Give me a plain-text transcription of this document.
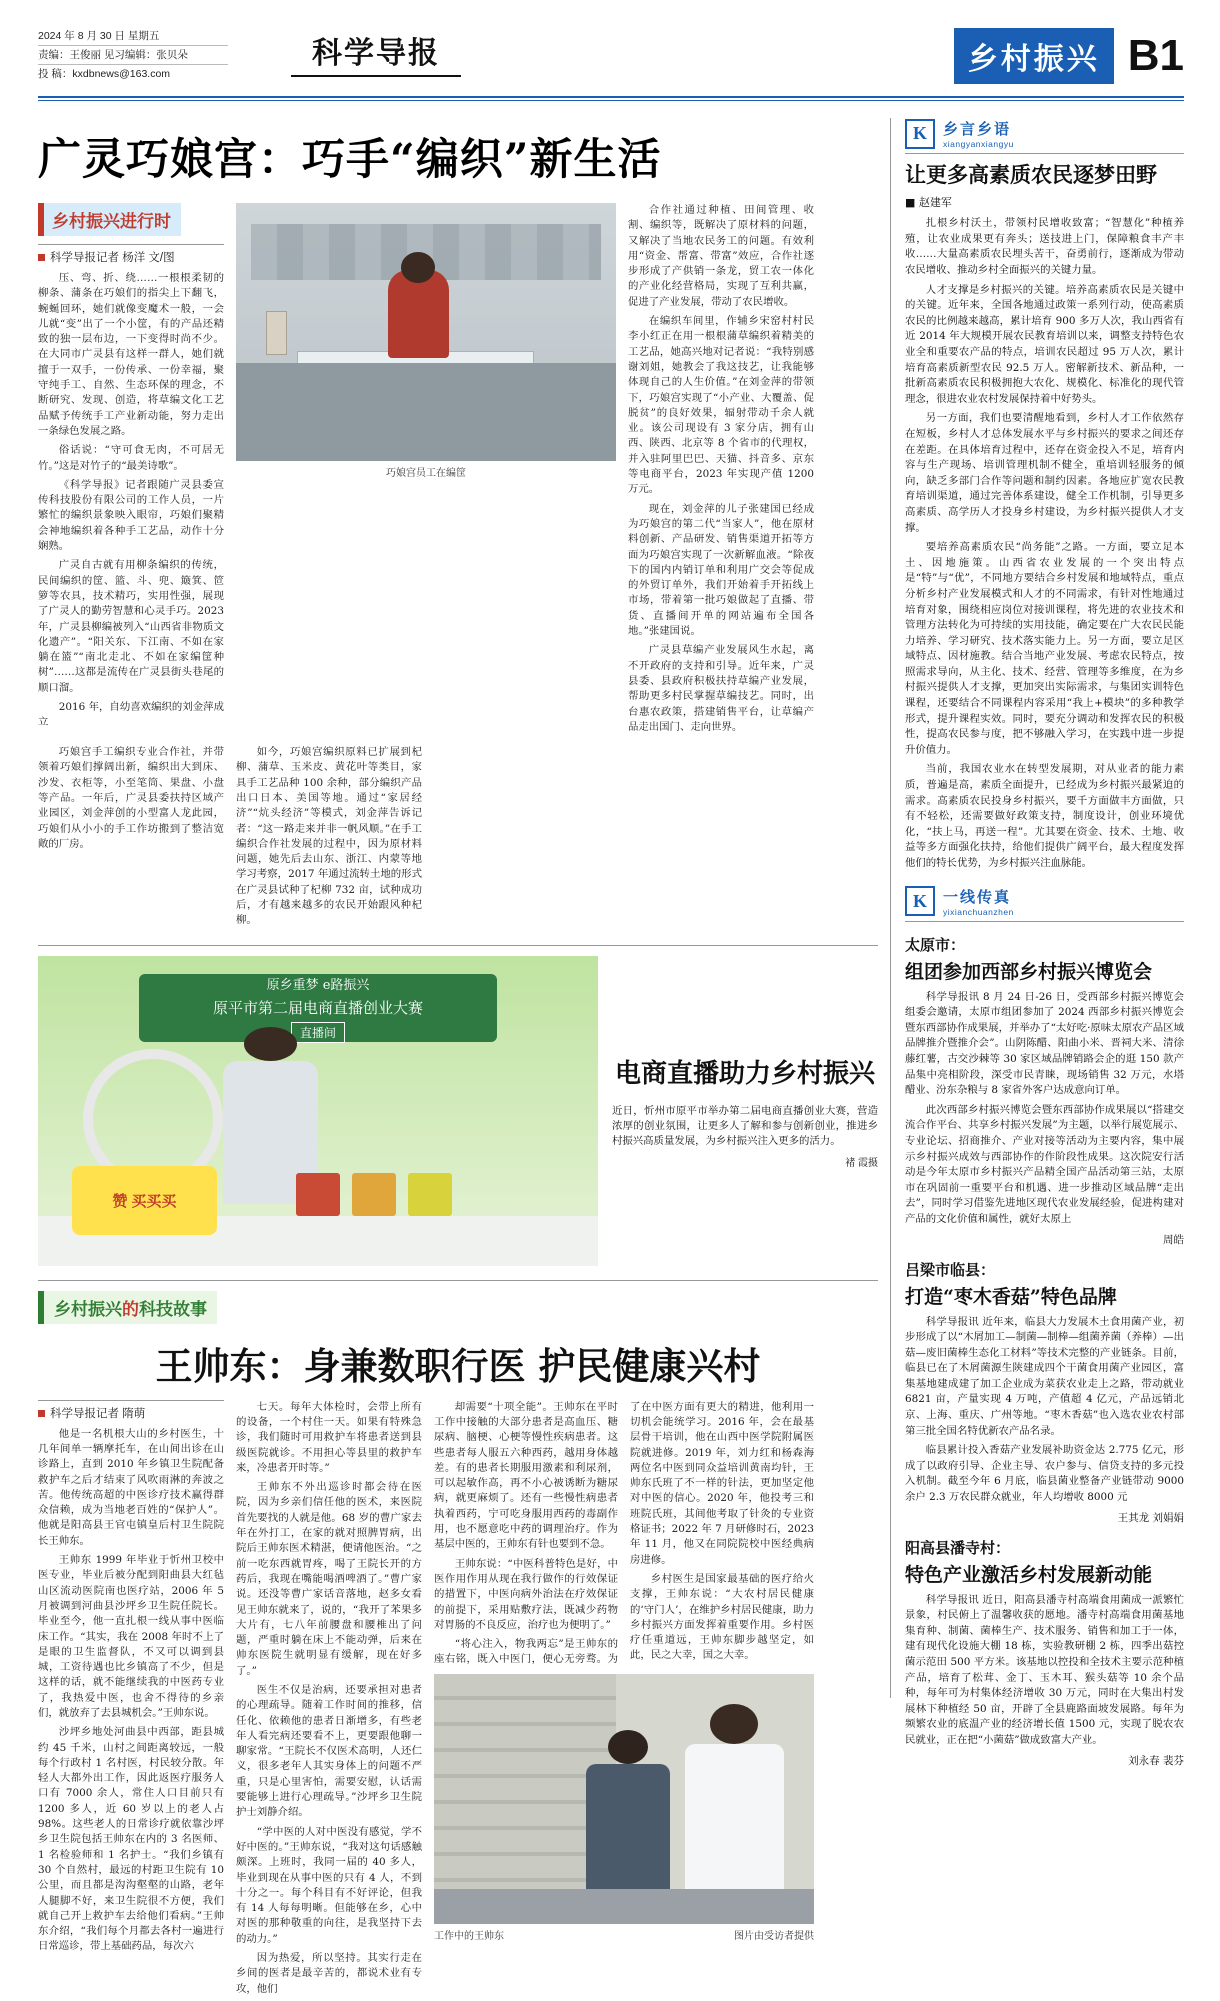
2024 年 8 月 30 日 星期五
责编：王俊丽 见习编辑：张贝朵
投 稿：kxdbnews@163.com
科学导报	乡村振兴 B1
广灵巧娘宫：巧手“编织”新生活
乡村振兴进行时
科学导报记者 杨洋 文/图

压、弯、折、绕……一根根柔韧的柳条、蒲条在巧娘们的指尖上下翻飞，蜿蜒回环，她们就像变魔术一般，一会儿就“变”出了一个小筐，有的产品还精致的独一层布边，一下变得时尚不少。在大同市广灵县有这样一群人，她们就擅于一双手，一份传承、一份幸福，聚守纯手工、自然、生态环保的理念，不断研究、发现、创造，将草编文化工艺品赋予传统手工产业新动能，努力走出一条绿色发展之路。

俗话说：“守可食无肉，不可居无竹。”这是对竹子的“最美诗歌”。

《科学导报》记者跟随广灵县委宣传科技股份有限公司的工作人员，一片繁忙的编织景象映入眼帘，巧娘们聚精会神地编织着各种手工艺品，动作十分娴熟。

广灵自古就有用柳条编织的传统，民间编织的筐、篮、斗、兜、簸箕、笸箩等农具，技术精巧，实用性强，展现了广灵人的勤劳智慧和心灵手巧。2023 年，广灵县柳编被列入“山西省非物质文化遗产”。“阳关东、下江南、不如在家躺在篮”“南北走北、不如在家编筐种树”……这都是流传在广灵县街头巷尾的顺口溜。

2016 年，自幼喜欢编织的刘金萍成立

巧娘宫员工在编筐

合作社通过种植、田间管理、收割、编织等，既解决了原材料的问题，又解决了当地农民务工的问题。有效利用“资金、帮富、带富”效应，合作社逐步形成了产供销一条龙，贸工农一体化的产业化经营格局，实现了互利共赢，促进了产业发展，带动了农民增收。

在编织车间里，作辅乡宋窑村村民李小红正在用一根根蒲草编织着精美的工艺品，她高兴地对记者说：“我特别感谢刘姐，她教会了我这技艺，让我能够体现自己的人生价值。”在刘金萍的带领下，巧娘宫实现了“小产业、大覆盖、促脱贫”的良好效果，辐射带动千余人就业。该公司现设有 3 家分店，拥有山西、陕西、北京等 8 个省市的代理权，并入驻阿里巴巴、天猫、抖音多、京东等电商平台，2023 年实现产值 1200 万元。

现在，刘金萍的儿子张建国已经成为巧娘宫的第二代“当家人”，他在原材料创新、产品研发、销售渠道开拓等方面为巧娘宫实现了一次新解血液。“除夜下的国内内销订单和利用广交会等促成的外贸订单外，我们开始着手开拓线上市场，带着第一批巧娘做起了直播、带货、直播间开单的网站遍布全国各地。”张建国说。

广灵县草编产业发展风生水起，离不开政府的支持和引导。近年来，广灵县委、县政府积极扶持草编产业发展，帮助更多村民掌握草编技艺。同时，出台惠农政策，搭建销售平台，让草编产品走出国门、走向世界。

巧娘宫手工编织专业合作社，并带领着巧娘们撑阔出新，编织出大到床、沙发、衣柜等，小至笔筒、果盘、小盘等产品。一年后，广灵县委扶持区域产业园区，刘金萍创的小型富人龙此园，巧娘们从小小的手工作坊搬到了整洁宽敞的厂房。

如今，巧娘宫编织原料已扩展到杞柳、蒲草、玉米皮、黄花叶等类目，家具手工艺品种 100 余种，部分编织产品出口日本、美国等地。通过“家居经济”“炕头经济”等模式，刘金萍告诉记者：“这一路走来并非一帆风顺。”在手工编织合作社发展的过程中，因为原材料问题，她先后去山东、浙江、内蒙等地学习考察，2017 年通过流转土地的形式在广灵县试种了杞柳 732 亩，试种成功后，才有越来越多的农民开始跟风种杞柳。

原乡重梦 e路振兴
原平市第二届电商直播创业大赛
直播间
赞 买买买
电商直播助力乡村振兴
近日，忻州市原平市举办第二届电商直播创业大赛，营造浓厚的创业氛围，让更多人了解和参与创新创业，推进乡村振兴高质量发展，为乡村振兴注入更多的活力。
褚 霞摄
乡村振兴的科技故事
王帅东：身兼数职行医 护民健康兴村
科学导报记者 隋萌

他是一名机根大山的乡村医生，十几年间单一辆摩托车，在山间出诊在山诊路上，直到 2010 年乡镇卫生院配备救护车之后才结束了风吹雨淋的奔波之苦。他传统高超的中医诊疗技术赢得群众信赖，成为当地老百姓的“保护人”。他就是阳高县王官屯镇皇后村卫生院院长王帅东。

王帅东 1999 年毕业于忻州卫校中医专业，毕业后被分配到阳曲县大红毡山区流动医院南也医疗站，2006 年 5 月被调到河曲县沙坪乡卫生院任院长。毕业至今，他一直扎根一线从事中医临床工作。“其实，我在 2008 年时不上了是眼的卫生监督队，不又可以调到县城，工资待遇也比乡镇高了不少，但是这样的话，就不能继续我的中医药专业了，我热爱中医，也舍不得待的乡亲们，就放弃了去县城机会。”王帅东说。

沙坪乡地处河曲县中西部，距县城约 45 千米，山村之间距离较远，一般每个行政村 1 名村医，村民较分散。年轻人大都外出工作，因此返医疗服务人口有 7000 余人，常住人口目前只有 1200 多人，近 60 岁以上的老人占 98%。这些老人的日常诊疗就依靠沙坪乡卫生院包括王帅东在内的 3 名医师、1 名检验师和 1 名护士。“我们乡镇有 30 个自然村，最远的村距卫生院有 10 公里，而且都是沟沟壑壑的山路，老年人腿脚不好，来卫生院很不方便，我们就自己开上救护车去给他们看病。”王帅东介绍，“我们每个月都去各村一遍进行日常巡诊，带上基础药品，每次六

七天。每年大体检时，会带上所有的设备，一个村住一天。如果有特殊急诊，我们随时可用救护车将患者送到县级医院就诊。不用担心等县里的救护车来，冷患者开时等。”

王帅东不外出巡诊时都会待在医院，因为乡亲们信任他的医术，来医院首先要找的人就是他。68 岁的曹广家去年在外打工，在家的就对照脾胃病，出院后王帅东医术精湛，便请他医治。“之前一吃东西就胃疼，喝了王院长开的方药后，我现在嘴能喝酒啤酒了。”曹广家说。还没等曹广家话音落地，赵多女看见王帅东就来了，说的，“我开了苯果多大片有，七八年前腰盘和腰椎出了问题，严重时躺在床上不能动弹，后来在帅东医院生就明显有缓解，现在好多了。”

医生不仅是治病，还要承担对患者的心理疏导。随着工作时间的推移，信任化、依赖他的患者日渐增多，有些老年人看完病还要看不上，更要跟他聊一聊家常。“王院长不仅医术高明，人还仁义，很多老年人其实身体上的问题不严重，只是心里害怕，需要安慰，认话需要能够上进行心理疏导。”沙坪乡卫生院护士刘静介绍。

“学中医的人对中医没有感觉，学不好中医的。”王帅东说，“我对这句话感触颇深。上班时，我同一届的 40 多人，毕业到现在从事中医的只有 4 人，不到十分之一。每个科目有不好评论，但我有 14 人每每明晰。但能够在乡，心中对医的那种敬重的向往，是我坚持下去的动力。”

因为热爱，所以坚持。其实行走在乡间的医者是最辛苦的，都说术业有专攻，他们

却需要“十项全能”。王帅东在平时工作中接触的大部分患者是高血压、糖尿病、脑梗、心梗等慢性疾病患者。这些患者每人服五六种西药，越用身体越差。有的患者长期服用激素和利尿剂，可以起敏作高，再不小心被诱断为糖尿病，就更麻烦了。还有一些慢性病患者执着西药，宁可吃身服用西药的毒副作用，也不愿意吃中药的调理治疗。作为基层中医的，王帅东有针也要到不急。

王帅东说：“中医科普特色是好，中医作用作用从现在我行做作的行效保证的措置下，中医向病外治法在疗效保证的前提下，采用贴敷疗法，既减少药物对胃肠的不良反应，治疗也为便明了。”

“将心注入，物我两忘”是王帅东的座右铭，既入中医门，便心无旁骛。为了在中医方面有更大的精进，他利用一切机会能统学习。2016 年，会在最基层骨干培训，他在山西中医学院附属医院就进修。2019 年，刘力红和杨森海两位名中医到同众益培训黄南均针，王帅东氏班了不一样的针法，更加坚定他对中医的信心。2020 年，他投考三和班院氏班，其间他考取了针灸的专业资格证书；2022 年 7 月研修时石，2023 年 11 月，他又在同院院校中医经典病房进修。

乡村医生是国家最基础的医疗给火支撑，王帅东说：“大农村居民健康的‘守门人’，在维护乡村居民健康，助力乡村振兴方面发挥着重要作用。乡村医疗任重道远，王帅东脚步越坚定，如此，民之大幸，国之大幸。

工作中的王帅东	图片由受访者提供
K	乡言乡语
xiangyanxiangyu
让更多高素质农民逐梦田野
■ 赵建军

扎根乡村沃土，带领村民增收致富；“智慧化”种植养殖，让农业成果更有奔头；送技进上门，保障粮食丰产丰收……大量高素质农民埋头苦干，奋勇前行，逐渐成为带动农民增收、推动乡村全面振兴的关键力量。

人才支撑是乡村振兴的关键。培养高素质农民是关键中的关键。近年来，全国各地通过政策一系列行动，使高素质农民的比例越来越高，累计培育 900 多万人次，我山西省有近 2014 年大规模开展农民教育培训以来，调整支持特色农业全和重要农产品的特点，培训农民超过 95 万人次，累计培育高素质新型农民 92.5 万人。密解新技术、新品种，一批新高素质农民积极拥抱大农化、规模化、标准化的现代管理念，很进农业农村发展保持着中好势头。

另一方面，我们也要清醒地看到，乡村人才工作依然存在短板，乡村人才总体发展水平与乡村振兴的要求之间还存在差距。在具体培育过程中，还存在资金投入不足，培育内容与生产现场、培训管理机制不健全，重培训轻服务的倾向，缺乏多部门合作等问题和制约因素。各地应扩宽农民教育培训渠道，通过完善体系建设，健全工作机制，引导更多高素质、高学历人才投身乡村建设，为乡村振兴提供人才支撑。

要培养高素质农民“尚务能”之路。一方面，要立足本土、因地施策。山西省农业发展的一个突出特点是“特”与“优”，不同地方要结合乡村发展和地域特点，重点分析乡村产业发展模式和人才的不同需求，有针对性地通过培育对象，围绕相应岗位对接训课程，将先进的农业技术和管理方法转化为可持续的实用技能，确定要在广大农民民能力培养、学习研究、技术落实能力上。另一方面，要立足区域特点、因材施教。结合当地产业发展、考虑农民特点，按照需求导向，从主化、技术、经营、管理等多维度，在为乡村振兴提供人才支撑，更加突出实际需求，与集团实训特色课程，还要结合不同课程内容采用“我上+模块”的多种教学形式，提升课程实效。同时，要充分调动和发挥农民的积极性，提高农民参与度，把不够融入学习，在实践中进一步提升价值力。

当前，我国农业水在转型发展期，对从业者的能力素质，普遍是高，素质全面提升，已经成为乡村振兴最紧迫的需求。高素质农民投身乡村振兴，要千方面做丰方面做，只有不轻松，还需要做好政策支持，制度设计，创业环境优化，“扶上马，再送一程”。尤其要在资金、技术、土地、收益等多方面强化扶持，给他们提供广阔平台，最大程度发挥他们的特长优势，为乡村振兴注血脉能。

K	一线传真
yixianchuanzhen
太原市：
组团参加西部乡村振兴博览会

科学导报讯 8 月 24 日-26 日，受西部乡村振兴博览会组委会邀请，太原市组团参加了 2024 西部乡村振兴博览会暨东西部协作成果展，并举办了“太好吃·原味太原农产品区域品牌推介暨推介会”。山阴陈醋、阳曲小米、晋祠大米、清徐藤红薯，古交沙棘等 30 家区域品牌销路会企的逛 150 款产品集中亮相阶段，深受市民青睐，现场销售 32 万元，水塔醋业、汾东杂粮与 8 家省外客户达成意向订单。

此次西部乡村振兴博览会暨东西部协作成果展以“搭建交流合作平台、共享乡村振兴发展”为主题，以举行展览展示、专业论坛、招商推介、产业对接等活动为主要内容，集中展示乡村振兴成效与西部协作的作阶段性成果。这次院安行活动是今年太原市乡村振兴产品精全国产品活动第三站，太原市在巩固前一重要平台和机遇、进一步推动区域品牌“走出去”，同时学习借鉴先进地区现代农业发展经验，促进构建对产品的文化价值和属性，就好太原上

周皓
吕梁市临县：
打造“枣木香菇”特色品牌

科学导报讯 近年来，临县大力发展木土食用菌产业，初步形成了以“木屑加工—制菌—制棒—组菌养菌（养棒）—出菇—废旧菌棒生态化工材料”等技术完整的产业链条。目前，临县已在了木屑菌源生陕建成四个干菌食用菌产业园区，富集基地建成建了加工企业成为菜获农业走上之路，带动就业 6821 亩，产量实现 4 万吨，产值超 4 亿元，产品远销北京、上海、重庆、广州等地。“枣木香菇”也入选农业农村部第三批全国名特优新农产品名录。

临县累计投入香菇产业发展补助资金达 2.775 亿元，形成了以政府引导、企业主导、农户参与、信贷支持的多元投入机制。截至今年 6 月底，临县菌业整备产业链带动 9000 余户 2.3 万农民群众就业，年人均增收 8000 元

王其龙 刘娟娟
阳高县潘寺村：
特色产业激活乡村发展新动能

科学导报讯 近日，阳高县潘寺村高端食用菌成一派繁忙景象，村民俯上了温馨收获的愿地。潘寺村高端食用菌基地集育种、制菌、菌棒生产、技术服务、销售和加工于一体，建有现代化设施大棚 18 栋，实验教研棚 2 栋，四季出菇控菌示范田 500 平方米。该基地以控投和全技术主要示范种植产品，培育了松茸、金丁、玉木耳、猴头菇等 10 余个品种，每年可为村集体经济增收 30 万元，同时在大集出村发展林下种植经 50 亩，开辟了全县鹿路面坡发展路。每年为频繁农业的底温产业的经济增长值 1500 元，实现了脱农农民就业，正在把“小菌菇”做成致富大产业。

刘永春 裴芬
